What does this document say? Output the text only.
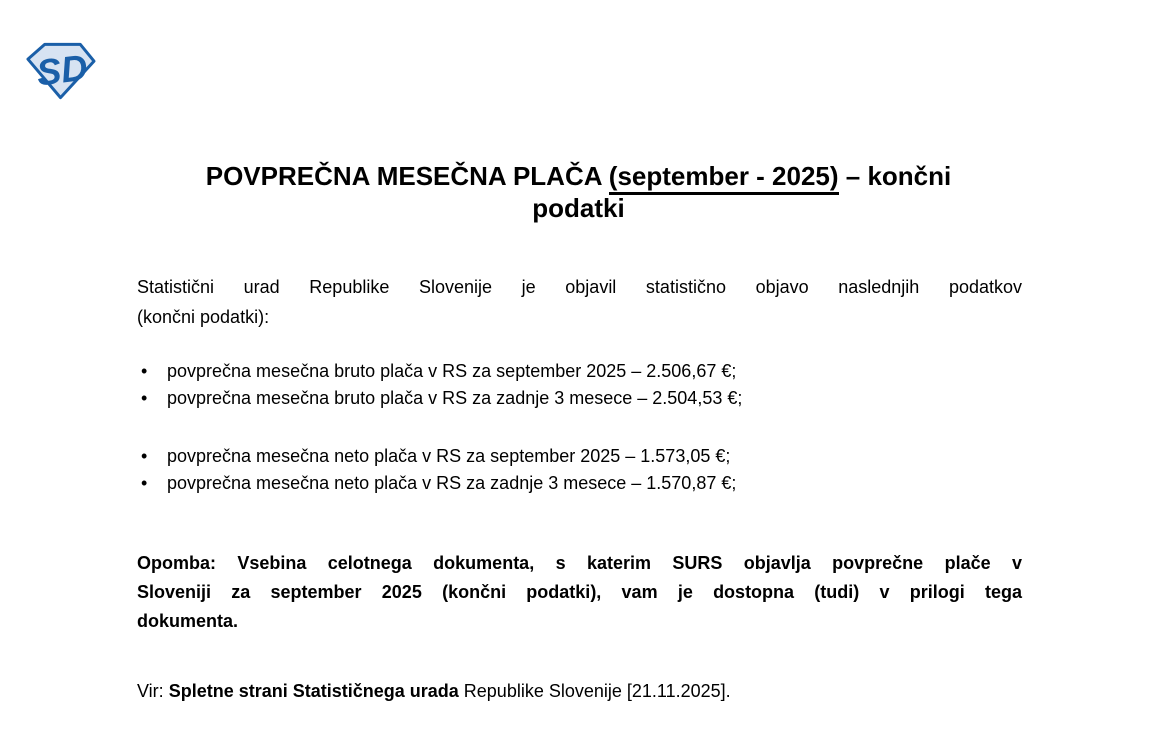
SD
POVPREČNA MESEČNA PLAČA (september - 2025) – končni podatki
Statistični urad Republike Slovenije je objavil statistično objavo naslednjih podatkov
(končni podatki):
•	povprečna mesečna bruto plača v RS za september 2025 – 2.506,67 €;
•	povprečna mesečna bruto plača v RS za zadnje 3 mesece – 2.504,53 €;
•	povprečna mesečna neto plača v RS za september 2025 – 1.573,05 €;
•	povprečna mesečna neto plača v RS za zadnje 3 mesece – 1.570,87 €;
Opomba: Vsebina celotnega dokumenta, s katerim SURS objavlja povprečne plače v
Sloveniji za september 2025 (končni podatki), vam je dostopna (tudi) v prilogi tega
dokumenta.
Vir: Spletne strani Statističnega urada Republike Slovenije [21.11.2025].
